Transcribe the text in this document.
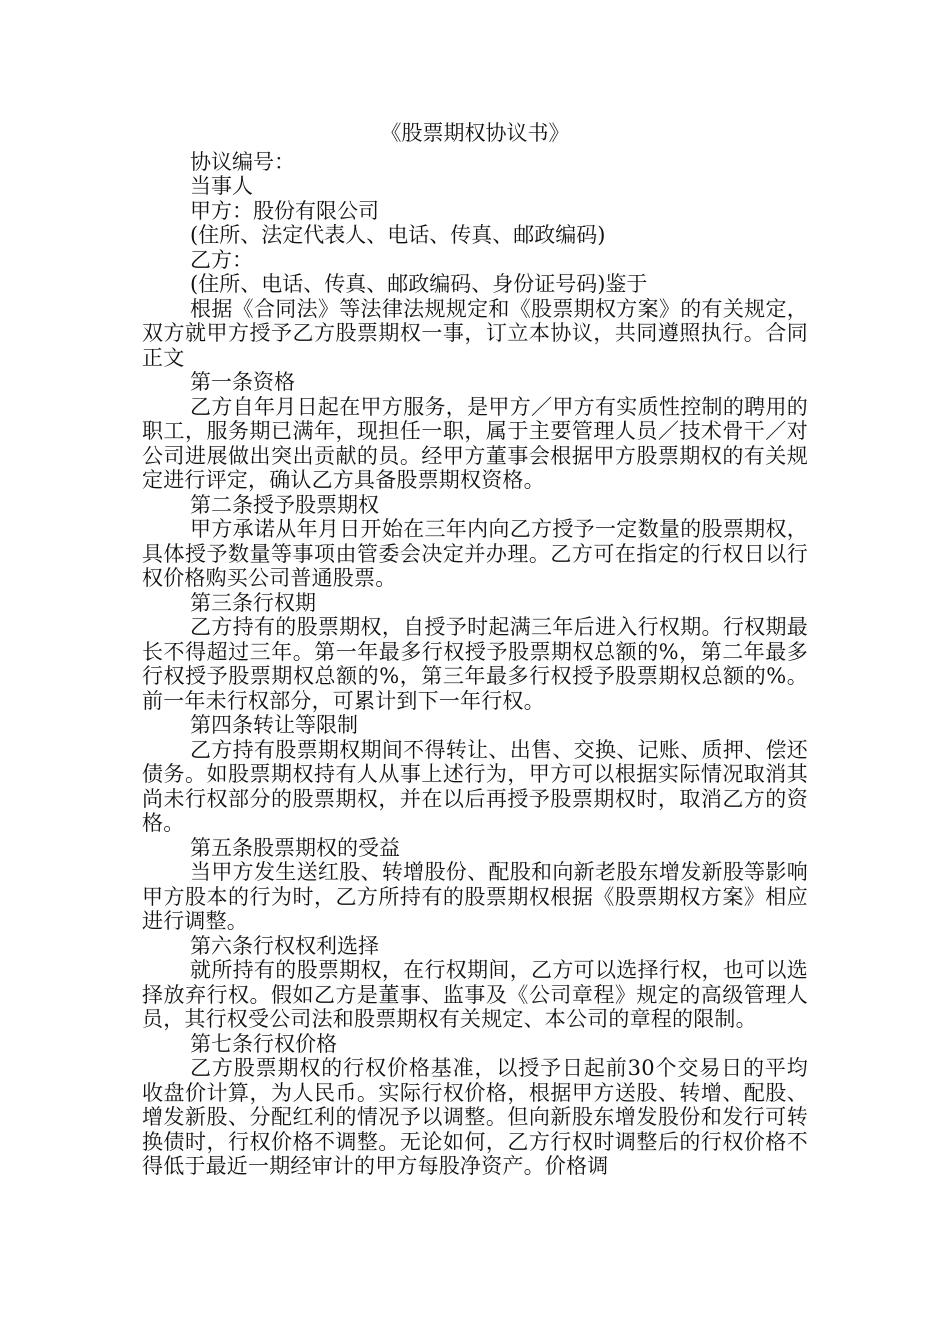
《股票期权协议书》
协议编号：
当事人
甲方：股份有限公司
(住所、法定代表人、电话、传真、邮政编码)
乙方：
(住所、电话、传真、邮政编码、身份证号码)鉴于

根据《合同法》等法律法规规定和《股票期权方案》的有关规定，双方就甲方授予乙方股票期权一事，订立本协议，共同遵照执行。合同正文

第一条资格

乙方自年月日起在甲方服务，是甲方／甲方有实质性控制的聘用的职工，服务期已满年，现担任一职，属于主要管理人员／技术骨干／对公司进展做出突出贡献的员。经甲方董事会根据甲方股票期权的有关规定进行评定，确认乙方具备股票期权资格。

第二条授予股票期权

甲方承诺从年月日开始在三年内向乙方授予一定数量的股票期权，具体授予数量等事项由管委会决定并办理。乙方可在指定的行权日以行权价格购买公司普通股票。

第三条行权期

乙方持有的股票期权，自授予时起满三年后进入行权期。行权期最长不得超过三年。第一年最多行权授予股票期权总额的%，第二年最多行权授予股票期权总额的%，第三年最多行权授予股票期权总额的%。前一年未行权部分，可累计到下一年行权。

第四条转让等限制

乙方持有股票期权期间不得转让、出售、交换、记账、质押、偿还债务。如股票期权持有人从事上述行为，甲方可以根据实际情况取消其尚未行权部分的股票期权，并在以后再授予股票期权时，取消乙方的资格。

第五条股票期权的受益

当甲方发生送红股、转增股份、配股和向新老股东增发新股等影响甲方股本的行为时，乙方所持有的股票期权根据《股票期权方案》相应进行调整。

第六条行权权利选择

就所持有的股票期权，在行权期间，乙方可以选择行权，也可以选择放弃行权。假如乙方是董事、监事及《公司章程》规定的高级管理人员，其行权受公司法和股票期权有关规定、本公司的章程的限制。

第七条行权价格

乙方股票期权的行权价格基准，以授予日起前30个交易日的平均收盘价计算，为人民币。实际行权价格，根据甲方送股、转增、配股、增发新股、分配红利的情况予以调整。但向新股东增发股份和发行可转换债时，行权价格不调整。无论如何，乙方行权时调整后的行权价格不得低于最近一期经审计的甲方每股净资产。价格调
